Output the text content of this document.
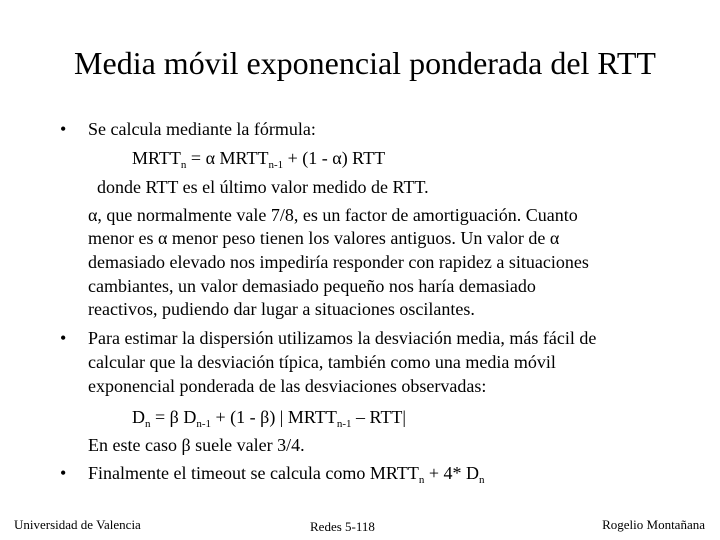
Media móvil exponencial ponderada del RTT
• Se calcula mediante la fórmula:
$MRTT_n = \alpha$ $MRTT_{n-1} + (1 - \alpha)$ RTT
donde RTT es el último valor medido de RTT.
α, que normalmente vale 7/8, es un factor de amortiguación. Cuanto
menor es α menor peso tienen los valores antiguos. Un valor de α
demasiado elevado nos impediría responder con rapidez a situaciones
cambiantes, un valor demasiado pequeño nos haría demasiado
reactivos, pudiendo dar lugar a situaciones oscilantes.
• Para estimar la dispersión utilizamos la desviación media, más fácil de
calcular que la desviación típica, también como una media móvil
exponencial ponderada de las desviaciones observadas:
$D_n = \beta$ $D_{n-1} + (1 - \beta)$ | $MRTT_{n-1} - RTT|$
En este caso β suele valer 3/4.
• Finalmente el timeout se calcula como $MRTT_n + 4*$ $D_n$
Universidad de Valencia	Redes 5-118	Rogelio Montañana
